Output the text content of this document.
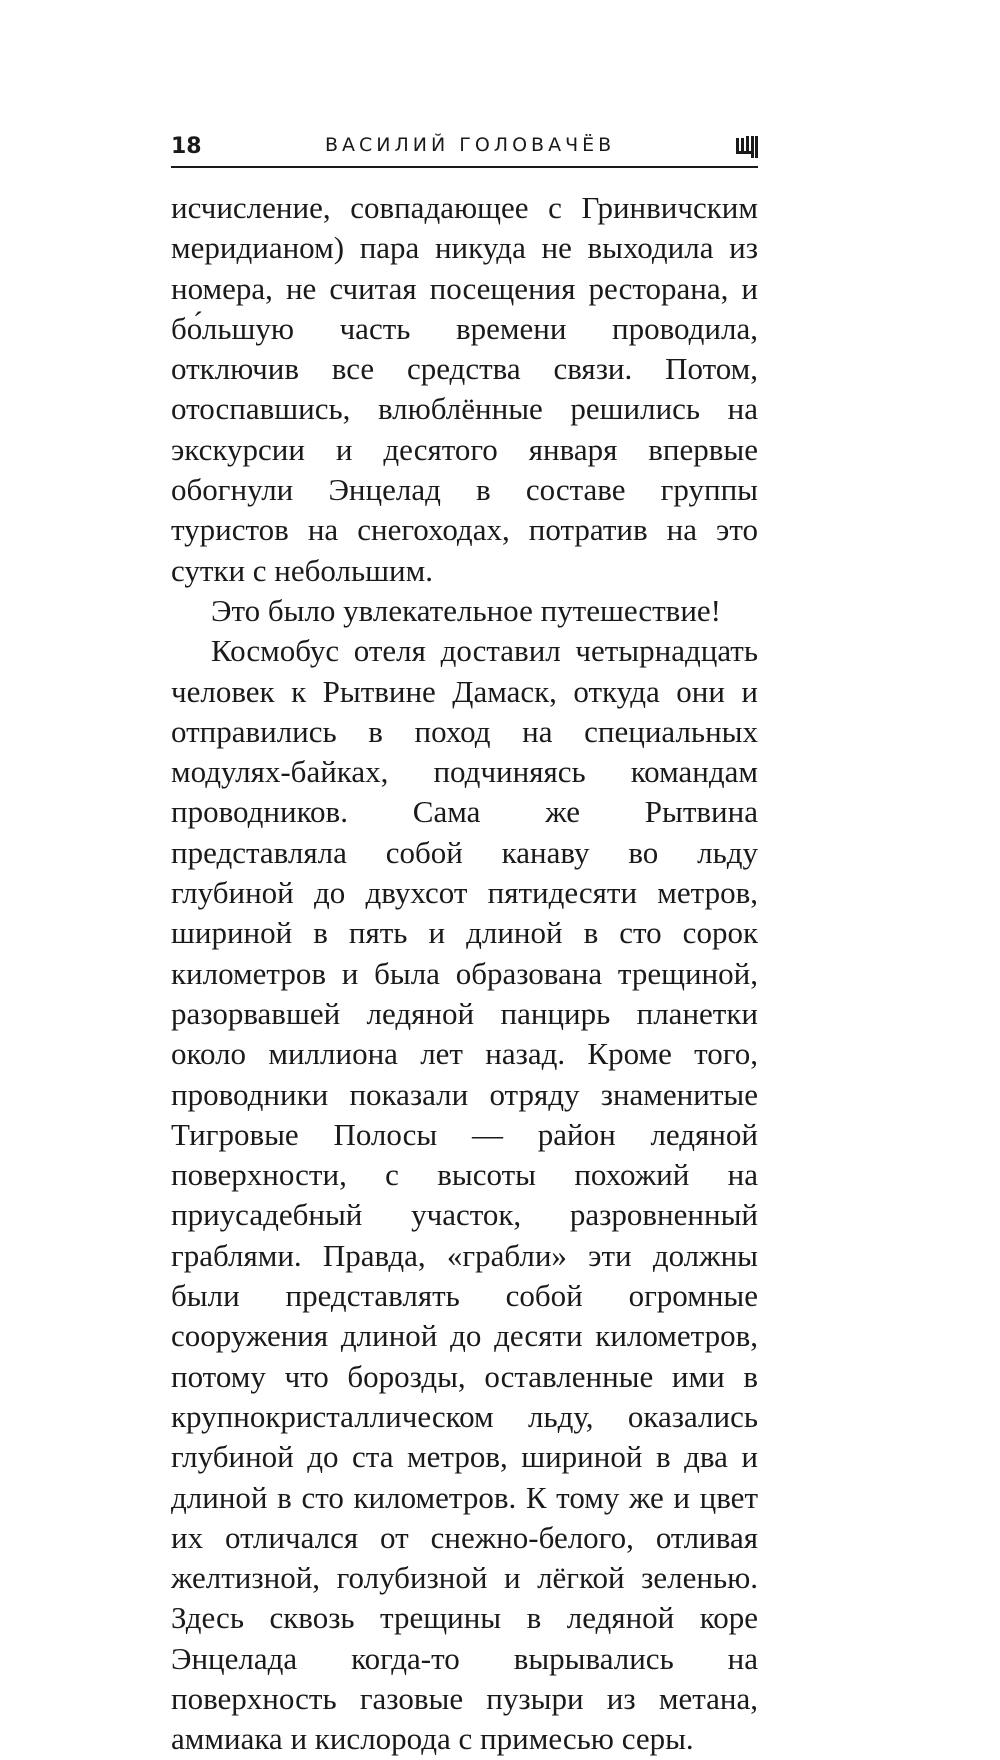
18	ВАСИЛИЙ ГОЛОВАЧЁВ

исчисление, совпадающее с Гринвичским меридианом) пара никуда не выходила из номера, не считая посещения ресторана, и бо́льшую часть времени проводила, отключив все средства связи. Потом, отоспавшись, влюблённые решились на экскурсии и десятого января впервые обогнули Энцелад в составе группы туристов на снегоходах, потратив на это сутки с небольшим.

Это было увлекательное путешествие!

Космобус отеля доставил четырнадцать человек к Рытвине Дамаск, откуда они и отправились в поход на специальных модулях-байках, подчиняясь командам проводников. Сама же Рытвина представляла собой канаву во льду глубиной до двухсот пятидесяти метров, шириной в пять и длиной в сто сорок километров и была образована трещиной, разорвавшей ледяной панцирь планетки около миллиона лет назад. Кроме того, проводники показали отряду знаменитые Тигровые Полосы — район ледяной поверхности, с высоты похожий на приусадебный участок, разровненный граблями. Правда, «грабли» эти должны были представлять собой огромные сооружения длиной до десяти километров, потому что борозды, оставленные ими в крупнокристаллическом льду, оказались глубиной до ста метров, шириной в два и длиной в сто километров. К тому же и цвет их отличался от снежно-белого, отливая желтизной, голубизной и лёгкой зеленью. Здесь сквозь трещины в ледяной коре Энцелада когда-то вырывались на поверхность газовые пузыри из метана, аммиака и кислорода с примесью серы.
